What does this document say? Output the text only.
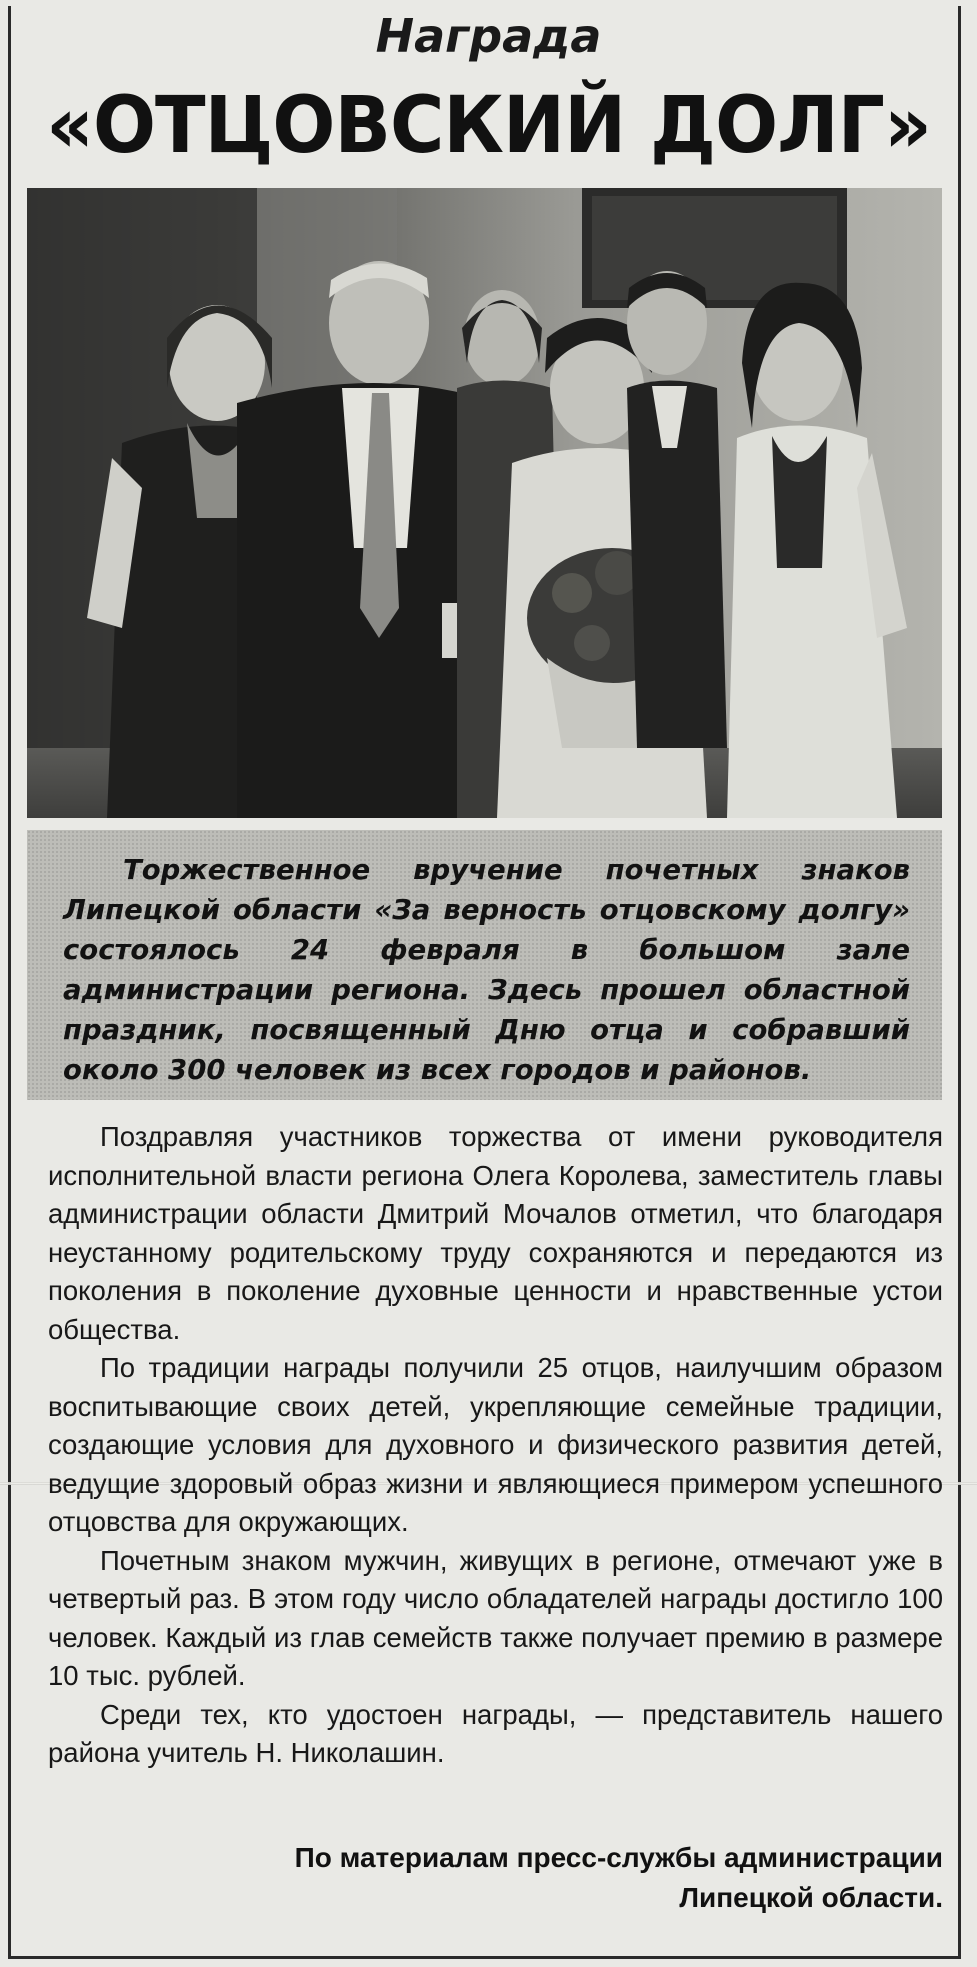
Награда
«ОТЦОВСКИЙ ДОЛГ»

Торжественное вручение почетных знаков Липецкой области «За верность отцовскому долгу» состоялось 24 февраля в большом зале администрации региона. Здесь прошел областной праздник, посвященный Дню отца и собравший около 300 человек из всех городов и районов.

Поздравляя участников торжества от имени руководителя исполнительной власти региона Олега Королева, заместитель главы администрации области Дмитрий Мочалов отметил, что благодаря неустанному родительскому труду сохраняются и передаются из поколения в поколение духовные ценности и нравственные устои общества.

По традиции награды получили 25 отцов, наилучшим образом воспитывающие своих детей, укрепляющие семейные традиции, создающие условия для духовного и физического развития детей, ведущие здоровый образ жизни и являющиеся примером успешного отцовства для окружающих.

Почетным знаком мужчин, живущих в регионе, отмечают уже в четвертый раз. В этом году число обладателей награды достигло 100 человек. Каждый из глав семейств также получает премию в размере 10 тыс. рублей.

Среди тех, кто удостоен награды, — представитель нашего района учитель Н. Николашин.

По материалам пресс-службы администрации
Липецкой области.
